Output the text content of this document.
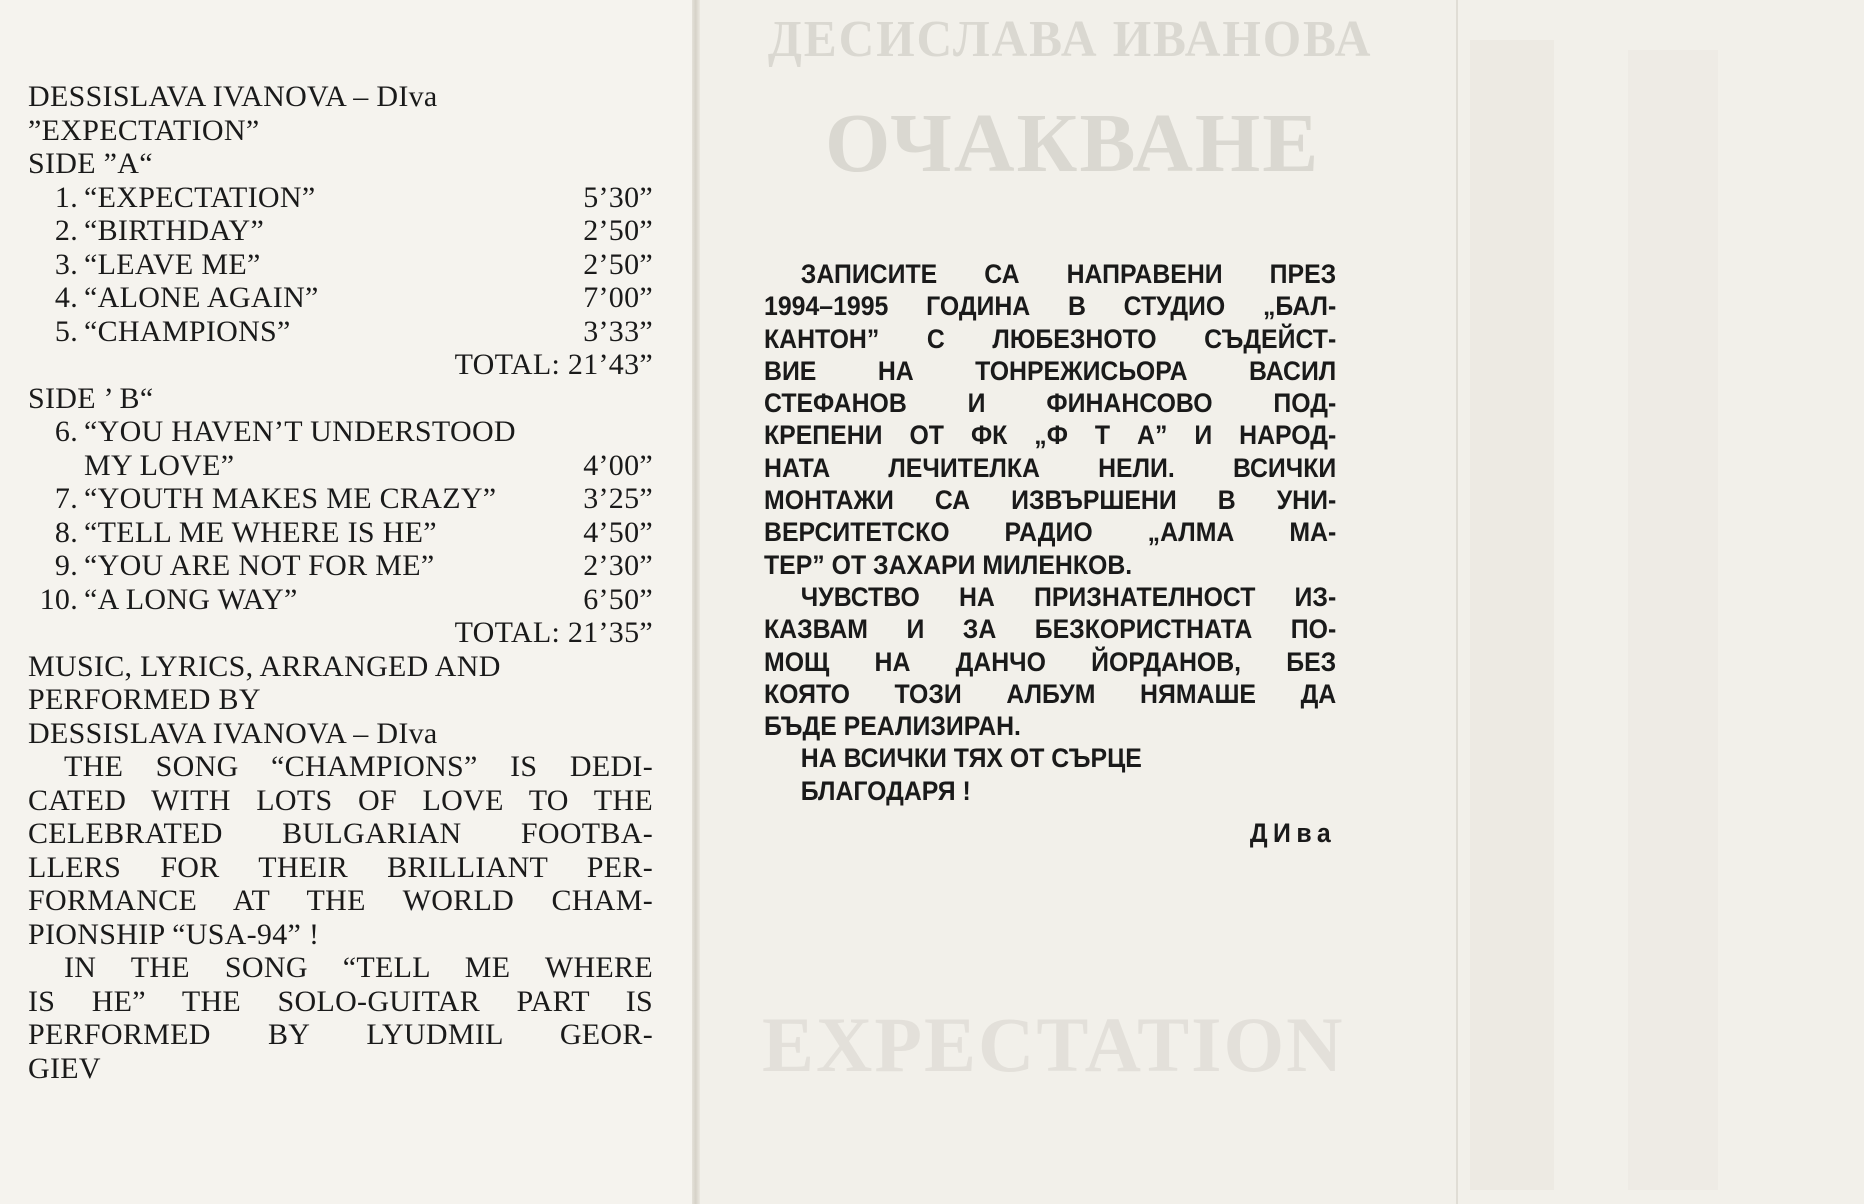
ДЕСИСЛАВА ИВАНОВА
ОЧАКВАНЕ
EXPECTATION
DESSISLAVA IVANOVA – DIva
”EXPECTATION”
SIDE ”A“
1. “EXPECTATION”	5’30”
2. “BIRTHDAY”	2’50”
3. “LEAVE ME”	2’50”
4. “ALONE AGAIN”	7’00”
5. “CHAMPIONS”	3’33”
TOTAL: 21’43”
SIDE ’ B“
6. “YOU HAVEN’T UNDERSTOOD
MY LOVE”	4’00”
7. “YOUTH MAKES ME CRAZY”	3’25”
8. “TELL ME WHERE IS HE”	4’50”
9. “YOU ARE NOT FOR ME”	2’30”
10. “A LONG WAY”	6’50”
TOTAL: 21’35”
MUSIC, LYRICS, ARRANGED AND
PERFORMED BY
DESSISLAVA IVANOVA – DIva
THE SONG “CHAMPIONS” IS DEDI-
CATED WITH LOTS OF LOVE TO THE
CELEBRATED BULGARIAN FOOTBA-
LLERS FOR THEIR BRILLIANT PER-
FORMANCE AT THE WORLD CHAM-
PIONSHIP “USA-94” !
IN THE SONG “TELL ME WHERE
IS HE” THE SOLO-GUITAR PART IS
PERFORMED BY LYUDMIL GEOR-
GIEV
ЗАПИСИТЕ СА НАПРАВЕНИ ПРЕЗ
1994–1995 ГОДИНА В СТУДИО „БАЛ-
КАНТОН” С ЛЮБЕЗНОТО СЪДЕЙСТ-
ВИЕ НА ТОНРЕЖИСЬОРА ВАСИЛ
СТЕФАНОВ И ФИНАНСОВО ПОД-
КРЕПЕНИ ОТ ФК „Ф Т А” И НАРОД-
НАТА ЛЕЧИТЕЛКА НЕЛИ. ВСИЧКИ
МОНТАЖИ СА ИЗВЪРШЕНИ В УНИ-
ВЕРСИТЕТСКО РАДИО „АЛМА МА-
ТЕР” ОТ ЗАХАРИ МИЛЕНКОВ.
ЧУВСТВО НА ПРИЗНАТЕЛНОСТ ИЗ-
КАЗВАМ И ЗА БЕЗКОРИСТНАТА ПО-
МОЩ НА ДАНЧО ЙОРДАНОВ, БЕЗ
КОЯТО ТОЗИ АЛБУМ НЯМАШЕ ДА
БЪДЕ РЕАЛИЗИРАН.
НА ВСИЧКИ ТЯХ ОТ СЪРЦЕ
БЛАГОДАРЯ !
ДИва
